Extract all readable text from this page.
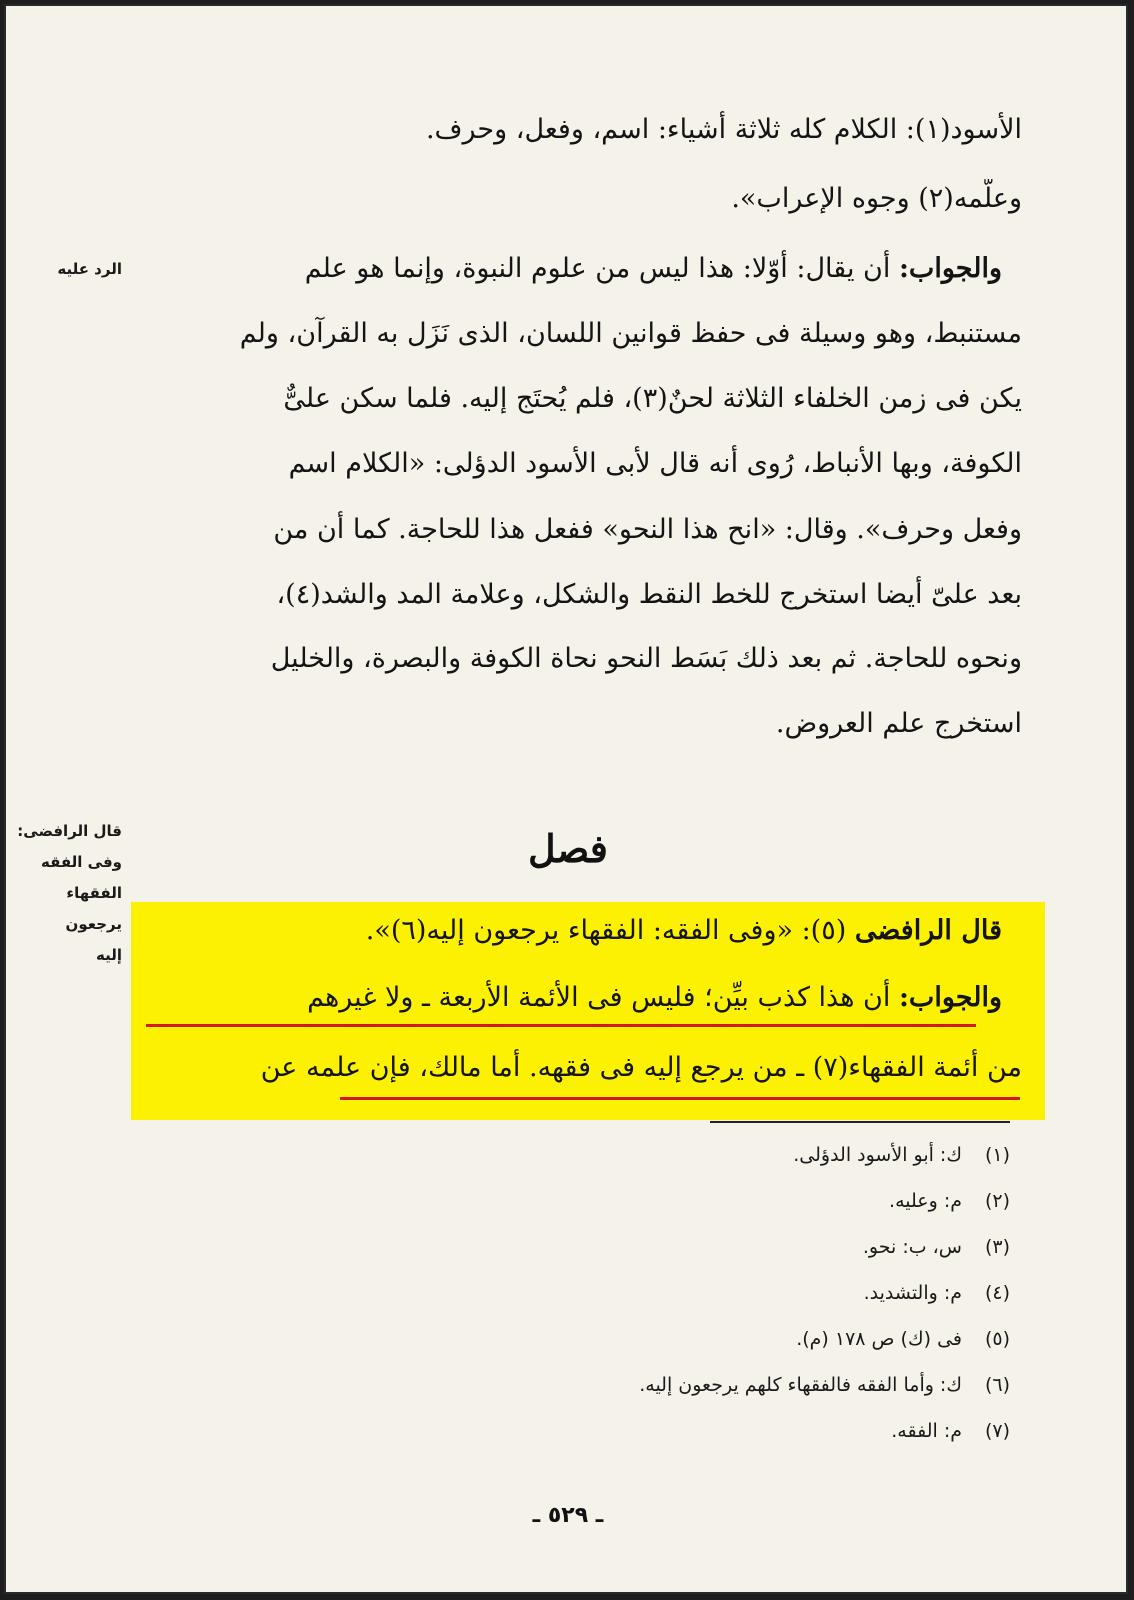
الرد عليه
قال الرافضى:
وفى الفقه
الفقهاء يرجعون
إليه
الأسود(١): الكلام كله ثلاثة أشياء: اسم، وفعل، وحرف.
وعلّمه(٢) وجوه الإعراب».
والجواب: أن يقال: أوّلا: هذا ليس من علوم النبوة، وإنما هو علم
مستنبط، وهو وسيلة فى حفظ قوانين اللسان، الذى نَزَل به القرآن، ولم
يكن فى زمن الخلفاء الثلاثة لحنٌ(٣)، فلم يُحتَج إليه. فلما سكن علىٌّ
الكوفة، وبها الأنباط، رُوى أنه قال لأبى الأسود الدؤلى: «الكلام اسم
وفعل وحرف». وقال: «انح هذا النحو» ففعل هذا للحاجة. كما أن من
بعد علىّ أيضا استخرج للخط النقط والشكل، وعلامة المد والشد(٤)،
ونحوه للحاجة. ثم بعد ذلك بَسَط النحو نحاة الكوفة والبصرة، والخليل
استخرج علم العروض.
فصل
قال الرافضى (٥): «وفى الفقه: الفقهاء يرجعون إليه(٦)».
والجواب: أن هذا كذب بيِّن؛ فليس فى الأئمة الأربعة ـ ولا غيرهم
من أئمة الفقهاء(٧) ـ من يرجع إليه فى فقهه. أما مالك، فإن علمه عن
(١)ك: أبو الأسود الدؤلى.
(٢)م: وعليه.
(٣)س، ب: نحو.
(٤)م: والتشديد.
(٥)فى (ك) ص ١٧٨ (م).
(٦)ك: وأما الفقه فالفقهاء كلهم يرجعون إليه.
(٧)م: الفقه.
ـ ٥٢٩ ـ
